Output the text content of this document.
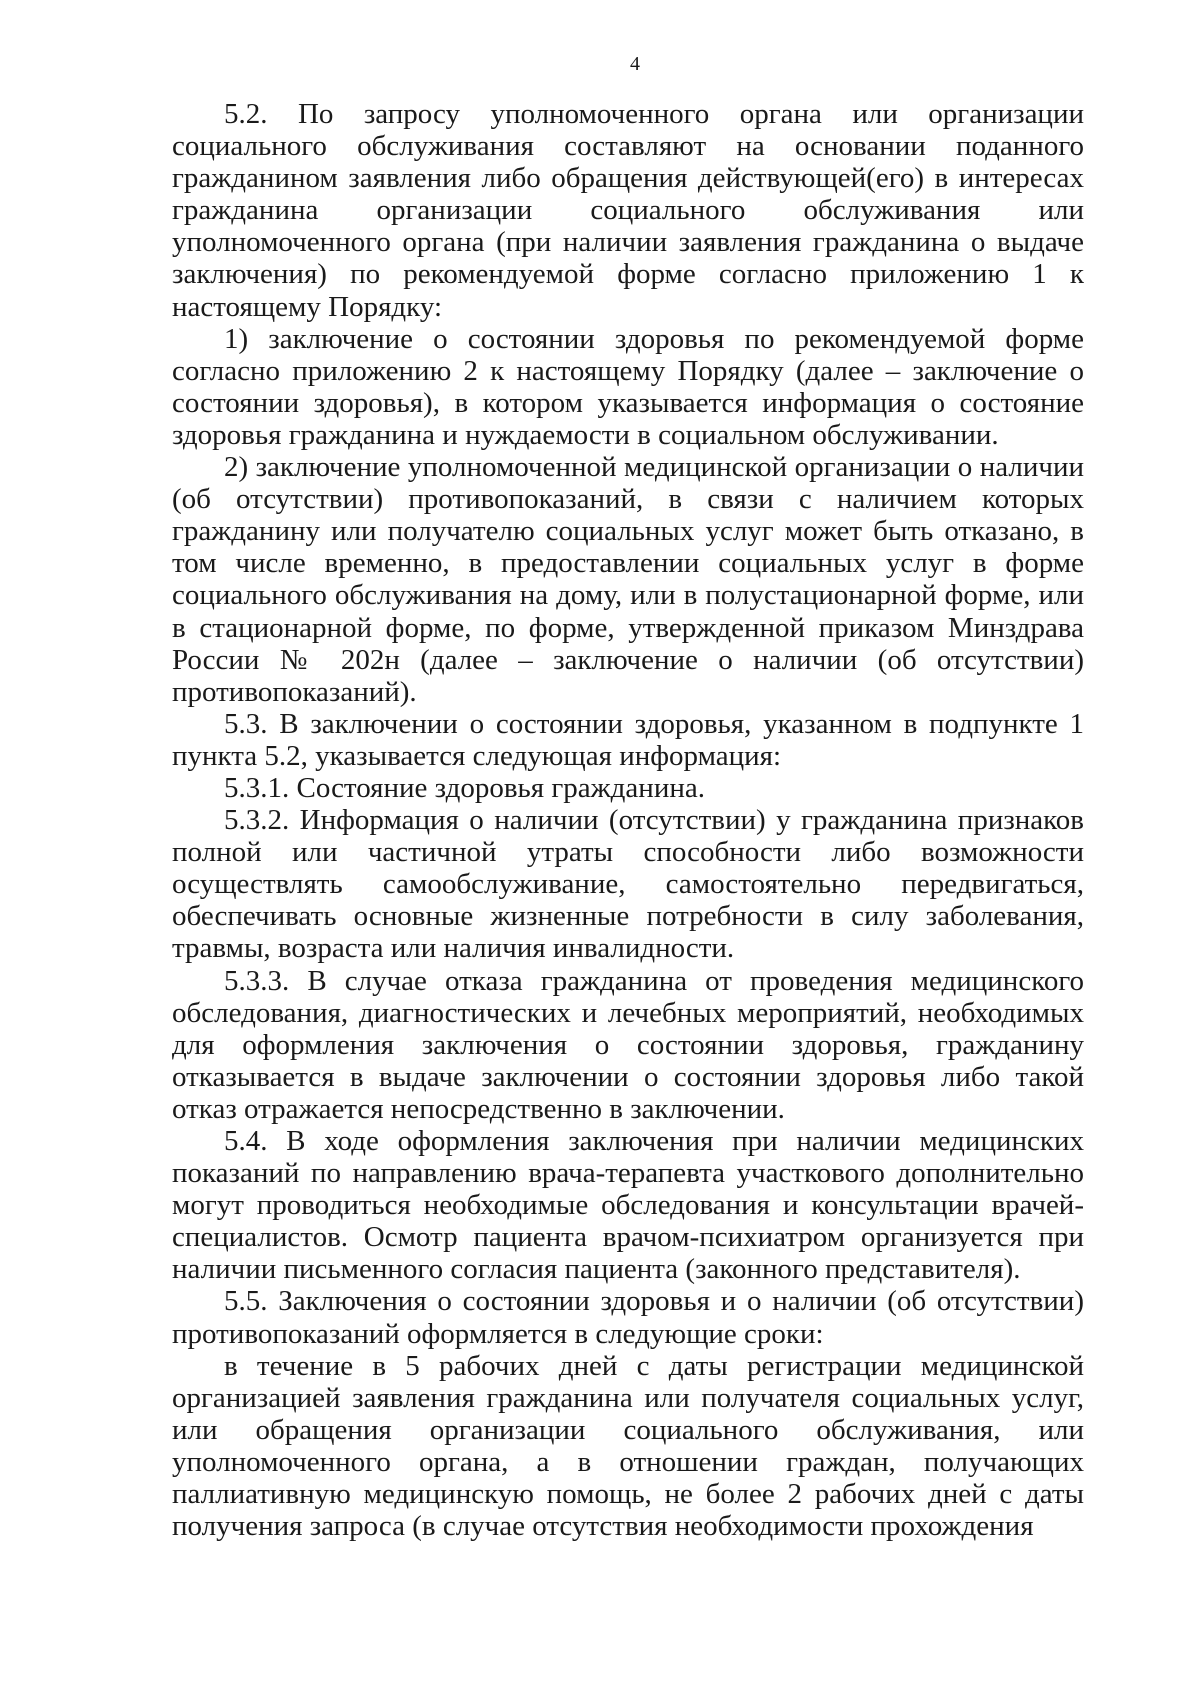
4

5.2. По запросу уполномоченного органа или организации социального обслуживания составляют на основании поданного гражданином заявления либо обращения действующей(его) в интересах гражданина организации социального обслуживания или уполномоченного органа (при наличии заявления гражданина о выдаче заключения) по рекомендуемой форме согласно приложению 1 к настоящему Порядку:

1) заключение о состоянии здоровья по рекомендуемой форме согласно приложению 2 к настоящему Порядку (далее – заключение о состоянии здоровья), в котором указывается информация о состояние здоровья гражданина и нуждаемости в социальном обслуживании.

2) заключение уполномоченной медицинской организации о наличии (об отсутствии) противопоказаний, в связи с наличием которых гражданину или получателю социальных услуг может быть отказано, в том числе временно, в предоставлении социальных услуг в форме социального обслуживания на дому, или в полустационарной форме, или в стационарной форме, по форме, утвержденной приказом Минздрава России № 202н (далее – заключение о наличии (об отсутствии) противопоказаний).

5.3. В заключении о состоянии здоровья, указанном в подпункте 1 пункта 5.2, указывается следующая информация:

5.3.1. Состояние здоровья гражданина.

5.3.2. Информация о наличии (отсутствии) у гражданина признаков полной или частичной утраты способности либо возможности осуществлять самообслуживание, самостоятельно передвигаться, обеспечивать основные жизненные потребности в силу заболевания, травмы, возраста или наличия инвалидности.

5.3.3. В случае отказа гражданина от проведения медицинского обследования, диагностических и лечебных мероприятий, необходимых для оформления заключения о состоянии здоровья, гражданину отказывается в выдаче заключении о состоянии здоровья либо такой отказ отражается непосредственно в заключении.

5.4. В ходе оформления заключения при наличии медицинских показаний по направлению врача-терапевта участкового дополнительно могут проводиться необходимые обследования и консультации врачей-специалистов. Осмотр пациента врачом-психиатром организуется при наличии письменного согласия пациента (законного представителя).

5.5. Заключения о состоянии здоровья и о наличии (об отсутствии) противопоказаний оформляется в следующие сроки:

в течение в 5 рабочих дней с даты регистрации медицинской организацией заявления гражданина или получателя социальных услуг, или обращения организации социального обслуживания, или уполномоченного органа, а в отношении граждан, получающих паллиативную медицинскую помощь, не более 2 рабочих дней с даты получения запроса (в случае отсутствия необходимости прохождения
